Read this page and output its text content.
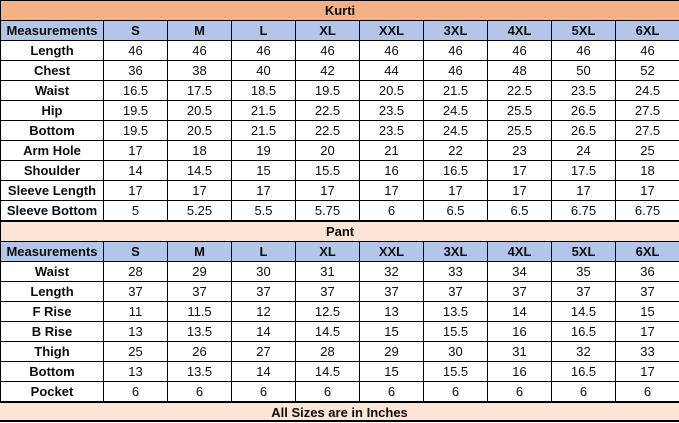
Kurti									
Measurements	S	M	L	XL	XXL	3XL	4XL	5XL	6XL
Length	46	46	46	46	46	46	46	46	46
Chest	36	38	40	42	44	46	48	50	52
Waist	16.5	17.5	18.5	19.5	20.5	21.5	22.5	23.5	24.5
Hip	19.5	20.5	21.5	22.5	23.5	24.5	25.5	26.5	27.5
Bottom	19.5	20.5	21.5	22.5	23.5	24.5	25.5	26.5	27.5
Arm Hole	17	18	19	20	21	22	23	24	25
Shoulder	14	14.5	15	15.5	16	16.5	17	17.5	18
Sleeve Length	17	17	17	17	17	17	17	17	17
Sleeve Bottom	5	5.25	5.5	5.75	6	6.5	6.5	6.75	6.75
Pant									
Measurements	S	M	L	XL	XXL	3XL	4XL	5XL	6XL
Waist	28	29	30	31	32	33	34	35	36
Length	37	37	37	37	37	37	37	37	37
F Rise	11	11.5	12	12.5	13	13.5	14	14.5	15
B Rise	13	13.5	14	14.5	15	15.5	16	16.5	17
Thigh	25	26	27	28	29	30	31	32	33
Bottom	13	13.5	14	14.5	15	15.5	16	16.5	17
Pocket	6	6	6	6	6	6	6	6	6
All Sizes are in Inches
